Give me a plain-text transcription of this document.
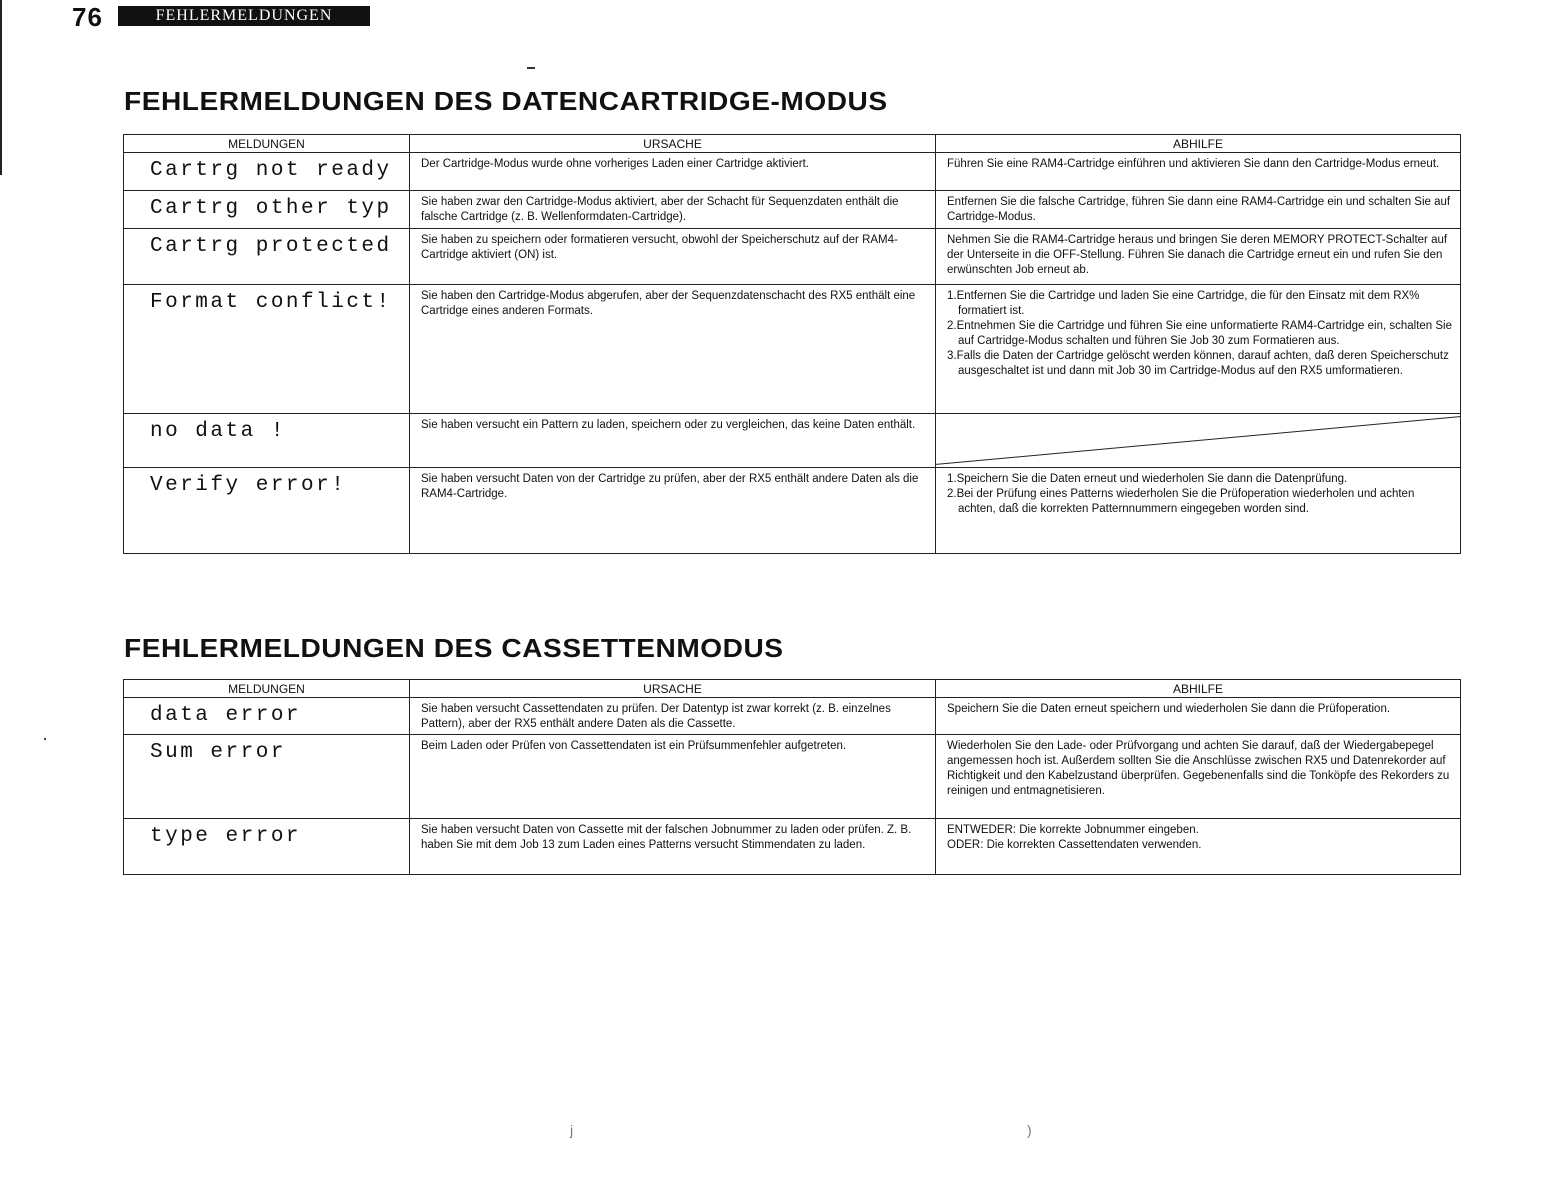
76	FEHLERMELDUNGEN
FEHLERMELDUNGEN DES DATENCARTRIDGE-MODUS
MELDUNGEN	URSACHE	ABHILFE

Cartrg not ready	Der Cartridge-Modus wurde ohne vorheriges Laden einer Cartridge aktiviert.	Führen Sie eine RAM4-Cartridge einführen und aktivieren Sie dann den Cartridge-Modus erneut.

Cartrg other typ	Sie haben zwar den Cartridge-Modus aktiviert, aber der Schacht für Sequenzdaten enthält die falsche Cartridge (z. B. Wellenformdaten-Cartridge).	Entfernen Sie die falsche Cartridge, führen Sie dann eine RAM4-Cartridge ein und schalten Sie auf Cartridge-Modus.

Cartrg protected	Sie haben zu speichern oder formatieren versucht, obwohl der Speicherschutz auf der RAM4-Cartridge aktiviert (ON) ist.	Nehmen Sie die RAM4-Cartridge heraus und bringen Sie deren MEMORY PROTECT-Schalter auf der Unterseite in die OFF-Stellung. Führen Sie danach die Cartridge erneut ein und rufen Sie den erwünschten Job erneut ab.

Format conflict!	Sie haben den Cartridge-Modus abgerufen, aber der Sequenzdatenschacht des RX5 enthält eine Cartridge eines anderen Formats.	1.Entfernen Sie die Cartridge und laden Sie eine Cartridge, die für den Einsatz mit dem RX% formatiert ist.

2.Entnehmen Sie die Cartridge und führen Sie eine unformatierte RAM4-Cartridge ein, schalten Sie auf Cartridge-Modus schalten und führen Sie Job 30 zum Formatieren aus.

3.Falls die Daten der Cartridge gelöscht werden können, darauf achten, daß deren Speicherschutz ausgeschaltet ist und dann mit Job 30 im Cartridge-Modus auf den RX5 umformatieren.

no data !	Sie haben versucht ein Pattern zu laden, speichern oder zu vergleichen, das keine Daten enthält.

Verify error!	Sie haben versucht Daten von der Cartridge zu prüfen, aber der RX5 enthält andere Daten als die RAM4-Cartridge.	1.Speichern Sie die Daten erneut und wiederholen Sie dann die Datenprüfung.

2.Bei der Prüfung eines Patterns wiederholen Sie die Prüfoperation wiederholen und achten achten, daß die korrekten Patternnummern eingegeben worden sind.

FEHLERMELDUNGEN DES CASSETTENMODUS
MELDUNGEN	URSACHE	ABHILFE

data error	Sie haben versucht Cassettendaten zu prüfen. Der Datentyp ist zwar korrekt (z. B. einzelnes Pattern), aber der RX5 enthält andere Daten als die Cassette.	Speichern Sie die Daten erneut speichern und wiederholen Sie dann die Prüfoperation.

Sum error	Beim Laden oder Prüfen von Cassettendaten ist ein Prüfsummenfehler aufgetreten.	Wiederholen Sie den Lade- oder Prüfvorgang und achten Sie darauf, daß der Wiedergabepegel angemessen hoch ist. Außerdem sollten Sie die Anschlüsse zwischen RX5 und Datenrekorder auf Richtigkeit und den Kabelzustand überprüfen. Gegebenenfalls sind die Tonköpfe des Rekorders zu reinigen und entmagnetisieren.

type error	Sie haben versucht Daten von Cassette mit der falschen Jobnummer zu laden oder prüfen. Z. B. haben Sie mit dem Job 13 zum Laden eines Patterns versucht Stimmendaten zu laden.	ENTWEDER: Die korrekte Jobnummer eingeben.

ODER: Die korrekten Cassettendaten verwenden.

j	)
